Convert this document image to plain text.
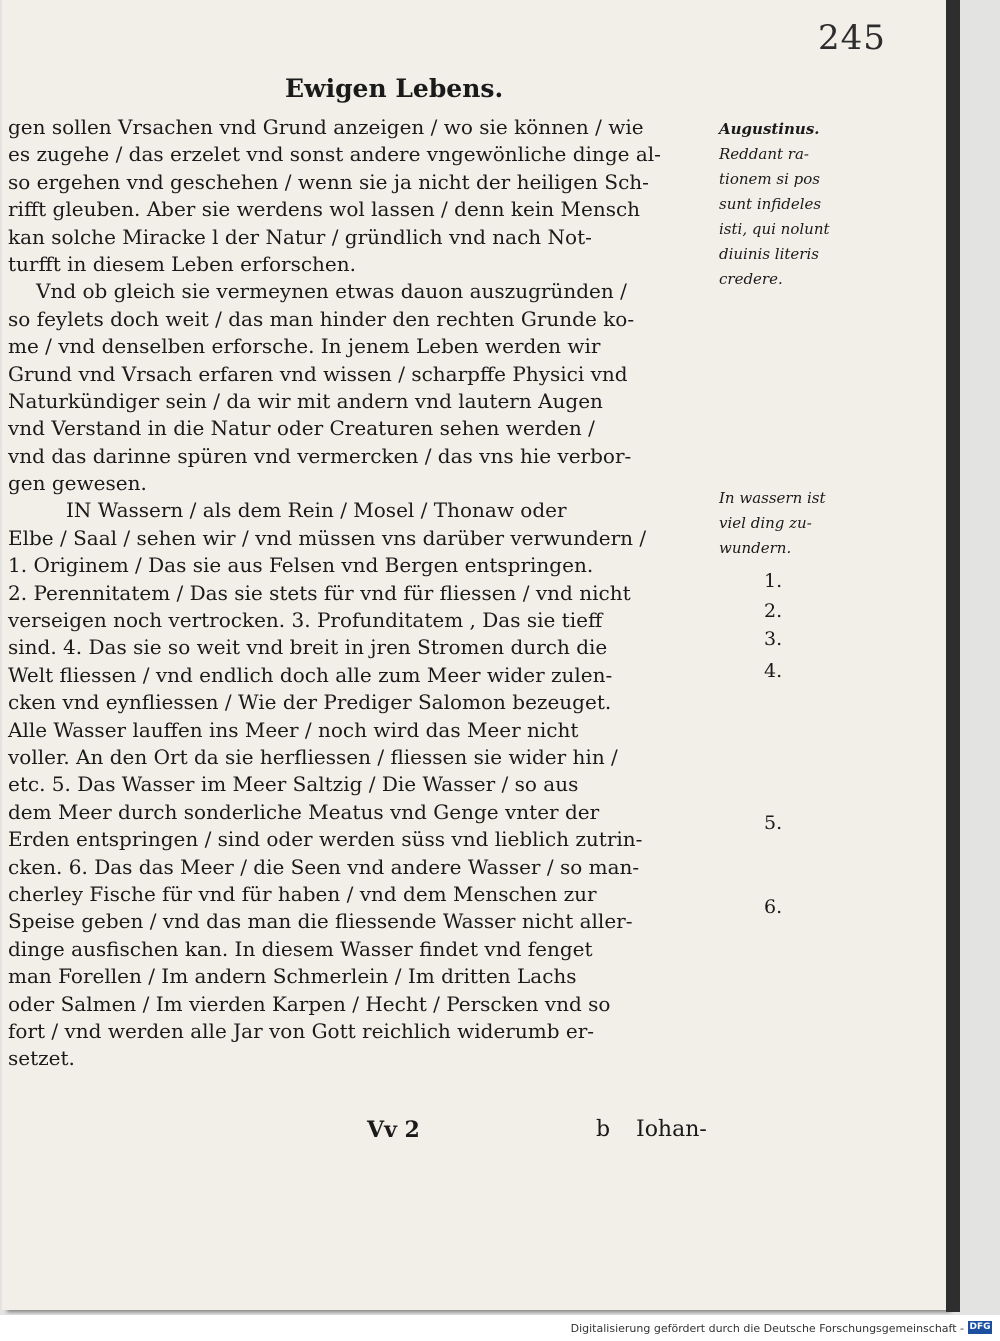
245
Ewigen Lebens.
gen sollen Vrsachen vnd Grund anzeigen / wo sie können / wie
es zugehe / das erzelet vnd sonst andere vngewönliche dinge al-
so ergehen vnd geschehen / wenn sie ja nicht der heiligen Sch-
rifft gleuben. Aber sie werdens wol lassen / denn kein Mensch
kan solche Miracke l der Natur / gründlich vnd nach Not-
turfft in diesem Leben erforschen.
Vnd ob gleich sie vermeynen etwas dauon auszugründen /
so feylets doch weit / das man hinder den rechten Grunde ko-
me / vnd denselben erforsche. In jenem Leben werden wir
Grund vnd Vrsach erfaren vnd wissen / scharpffe Physici vnd
Naturkündiger sein / da wir mit andern vnd lautern Augen
vnd Verstand in die Natur oder Creaturen sehen werden /
vnd das darinne spüren vnd vermercken / das vns hie verbor-
gen gewesen.
IN Wassern / als dem Rein / Mosel / Thonaw oder
Elbe / Saal / sehen wir / vnd müssen vns darüber verwundern /
1. Originem / Das sie aus Felsen vnd Bergen entspringen.
2. Perennitatem / Das sie stets für vnd für fliessen / vnd nicht
verseigen noch vertrocken. 3. Profunditatem , Das sie tieff
sind. 4. Das sie so weit vnd breit in jren Stromen durch die
Welt fliessen / vnd endlich doch alle zum Meer wider zulen-
cken vnd eynfliessen / Wie der Prediger Salomon bezeuget.
Alle Wasser lauffen ins Meer / noch wird das Meer nicht
voller. An den Ort da sie herfliessen / fliessen sie wider hin /
etc. 5. Das Wasser im Meer Saltzig / Die Wasser / so aus
dem Meer durch sonderliche Meatus vnd Genge vnter der
Erden entspringen / sind oder werden süss vnd lieblich zutrin-
cken. 6. Das das Meer / die Seen vnd andere Wasser / so man-
cherley Fische für vnd für haben / vnd dem Menschen zur
Speise geben / vnd das man die fliessende Wasser nicht aller-
dinge ausfischen kan. In diesem Wasser findet vnd fenget
man Forellen / Im andern Schmerlein / Im dritten Lachs
oder Salmen / Im vierden Karpen / Hecht / Perscken vnd so
fort / vnd werden alle Jar von Gott reichlich widerumb er-
setzet.
Augustinus.
Reddant ra-
tionem si pos
sunt infideles
isti, qui nolunt
diuinis literis
credere.
In wassern ist
viel ding zu-
wundern.
1.
2.
3.
4.
5.
6.
Vv 2	b Iohan-
Digitalisierung gefördert durch die Deutsche Forschungsgemeinschaft - DFG
